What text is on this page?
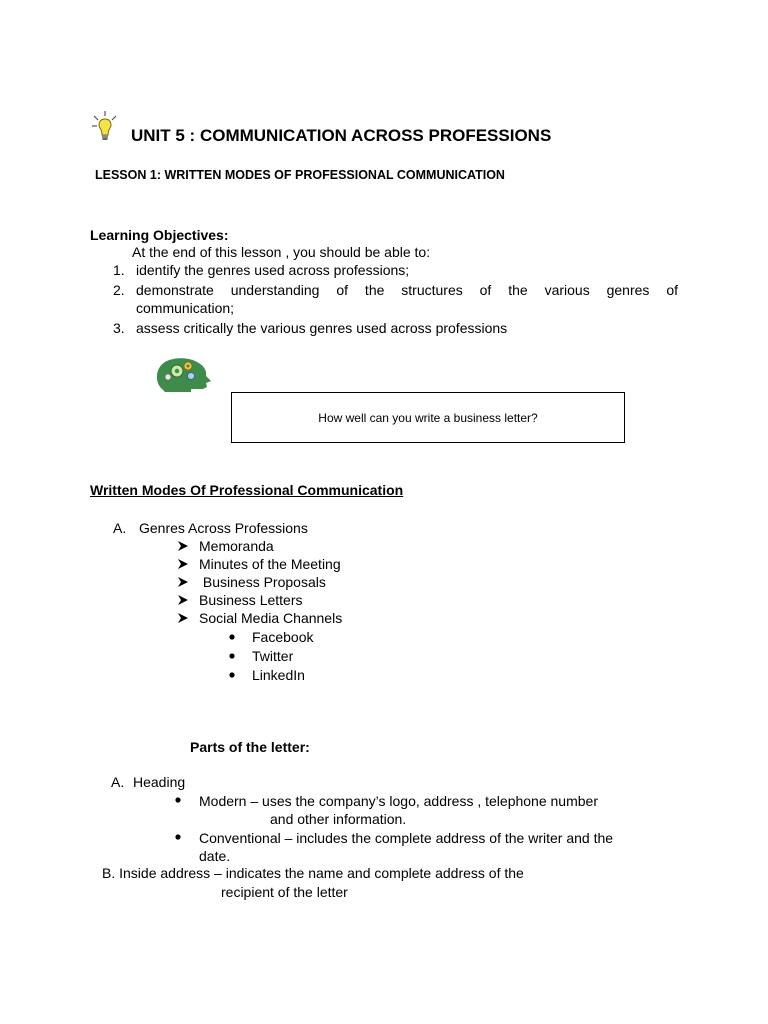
UNIT 5 : COMMUNICATION ACROSS PROFESSIONS
LESSON 1: WRITTEN MODES OF PROFESSIONAL COMMUNICATION
Learning Objectives:
At the end of this lesson , you should be able to:
1. identify the genres used across professions;
2. demonstrate understanding of the structures of the various genres of
communication;
3. assess critically the various genres used across professions
How well can you write a business letter?
Written Modes Of Professional Communication
A. Genres Across Professions
Memoranda
Minutes of the Meeting
Business Proposals
Business Letters
Social Media Channels
Facebook
Twitter
LinkedIn
Parts of the letter:
A. Heading
Modern – uses the company’s logo, address , telephone number
and other information.
Conventional – includes the complete address of the writer and the
date.
B. Inside address – indicates the name and complete address of the
recipient of the letter
